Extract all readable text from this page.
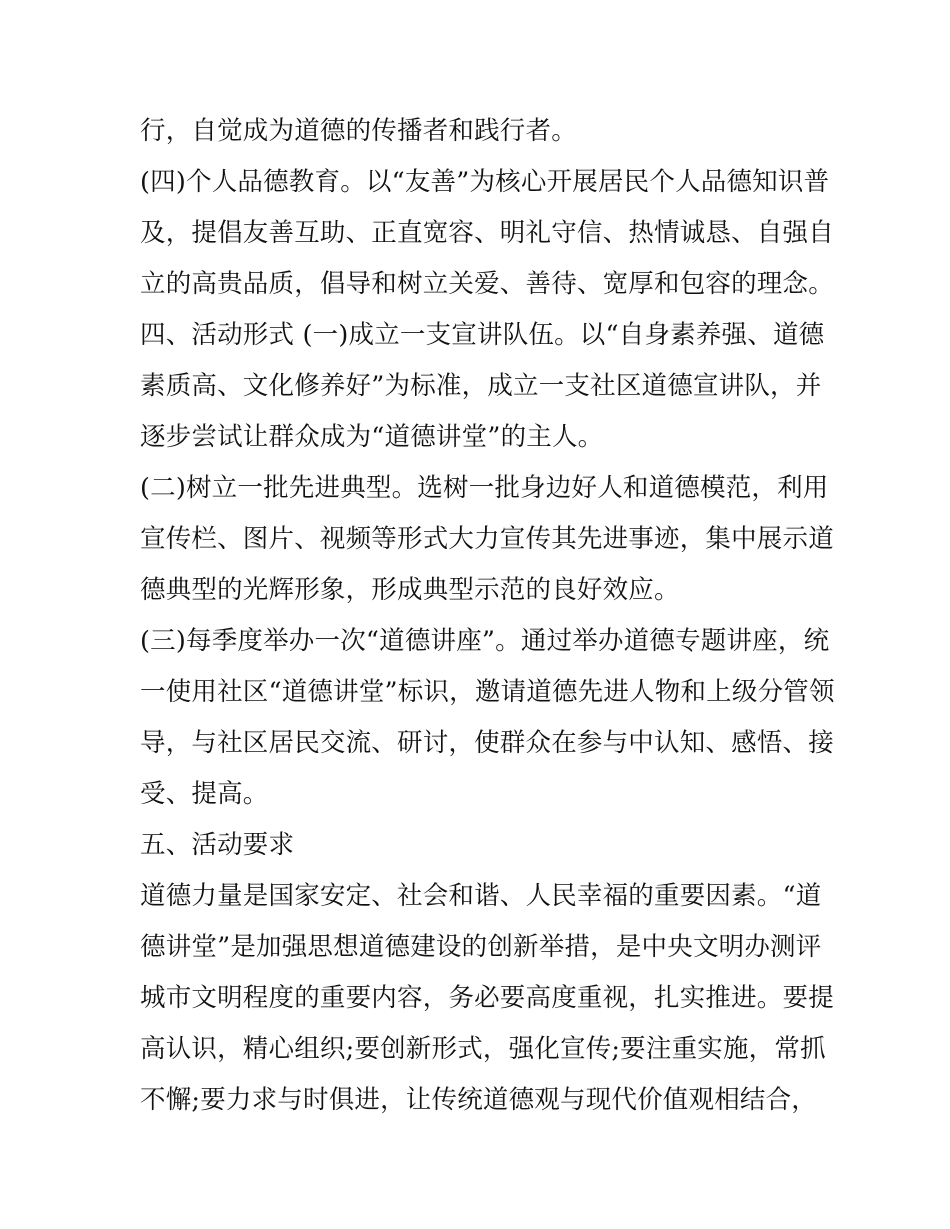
行，自觉成为道德的传播者和践行者。
(四)个人品德教育。以“友善”为核心开展居民个人品德知识普
及，提倡友善互助、正直宽容、明礼守信、热情诚恳、自强自
立的高贵品质，倡导和树立关爱、善待、宽厚和包容的理念。
四、活动形式 (一)成立一支宣讲队伍。以“自身素养强、道德
素质高、文化修养好”为标准，成立一支社区道德宣讲队，并
逐步尝试让群众成为“道德讲堂”的主人。
(二)树立一批先进典型。选树一批身边好人和道德模范，利用
宣传栏、图片、视频等形式大力宣传其先进事迹，集中展示道
德典型的光辉形象，形成典型示范的良好效应。
(三)每季度举办一次“道德讲座”。通过举办道德专题讲座，统
一使用社区“道德讲堂”标识，邀请道德先进人物和上级分管领
导，与社区居民交流、研讨，使群众在参与中认知、感悟、接
受、提高。
五、活动要求
道德力量是国家安定、社会和谐、人民幸福的重要因素。“道
德讲堂”是加强思想道德建设的创新举措，是中央文明办测评
城市文明程度的重要内容，务必要高度重视，扎实推进。要提
高认识，精心组织;要创新形式，强化宣传;要注重实施，常抓
不懈;要力求与时俱进，让传统道德观与现代价值观相结合，
